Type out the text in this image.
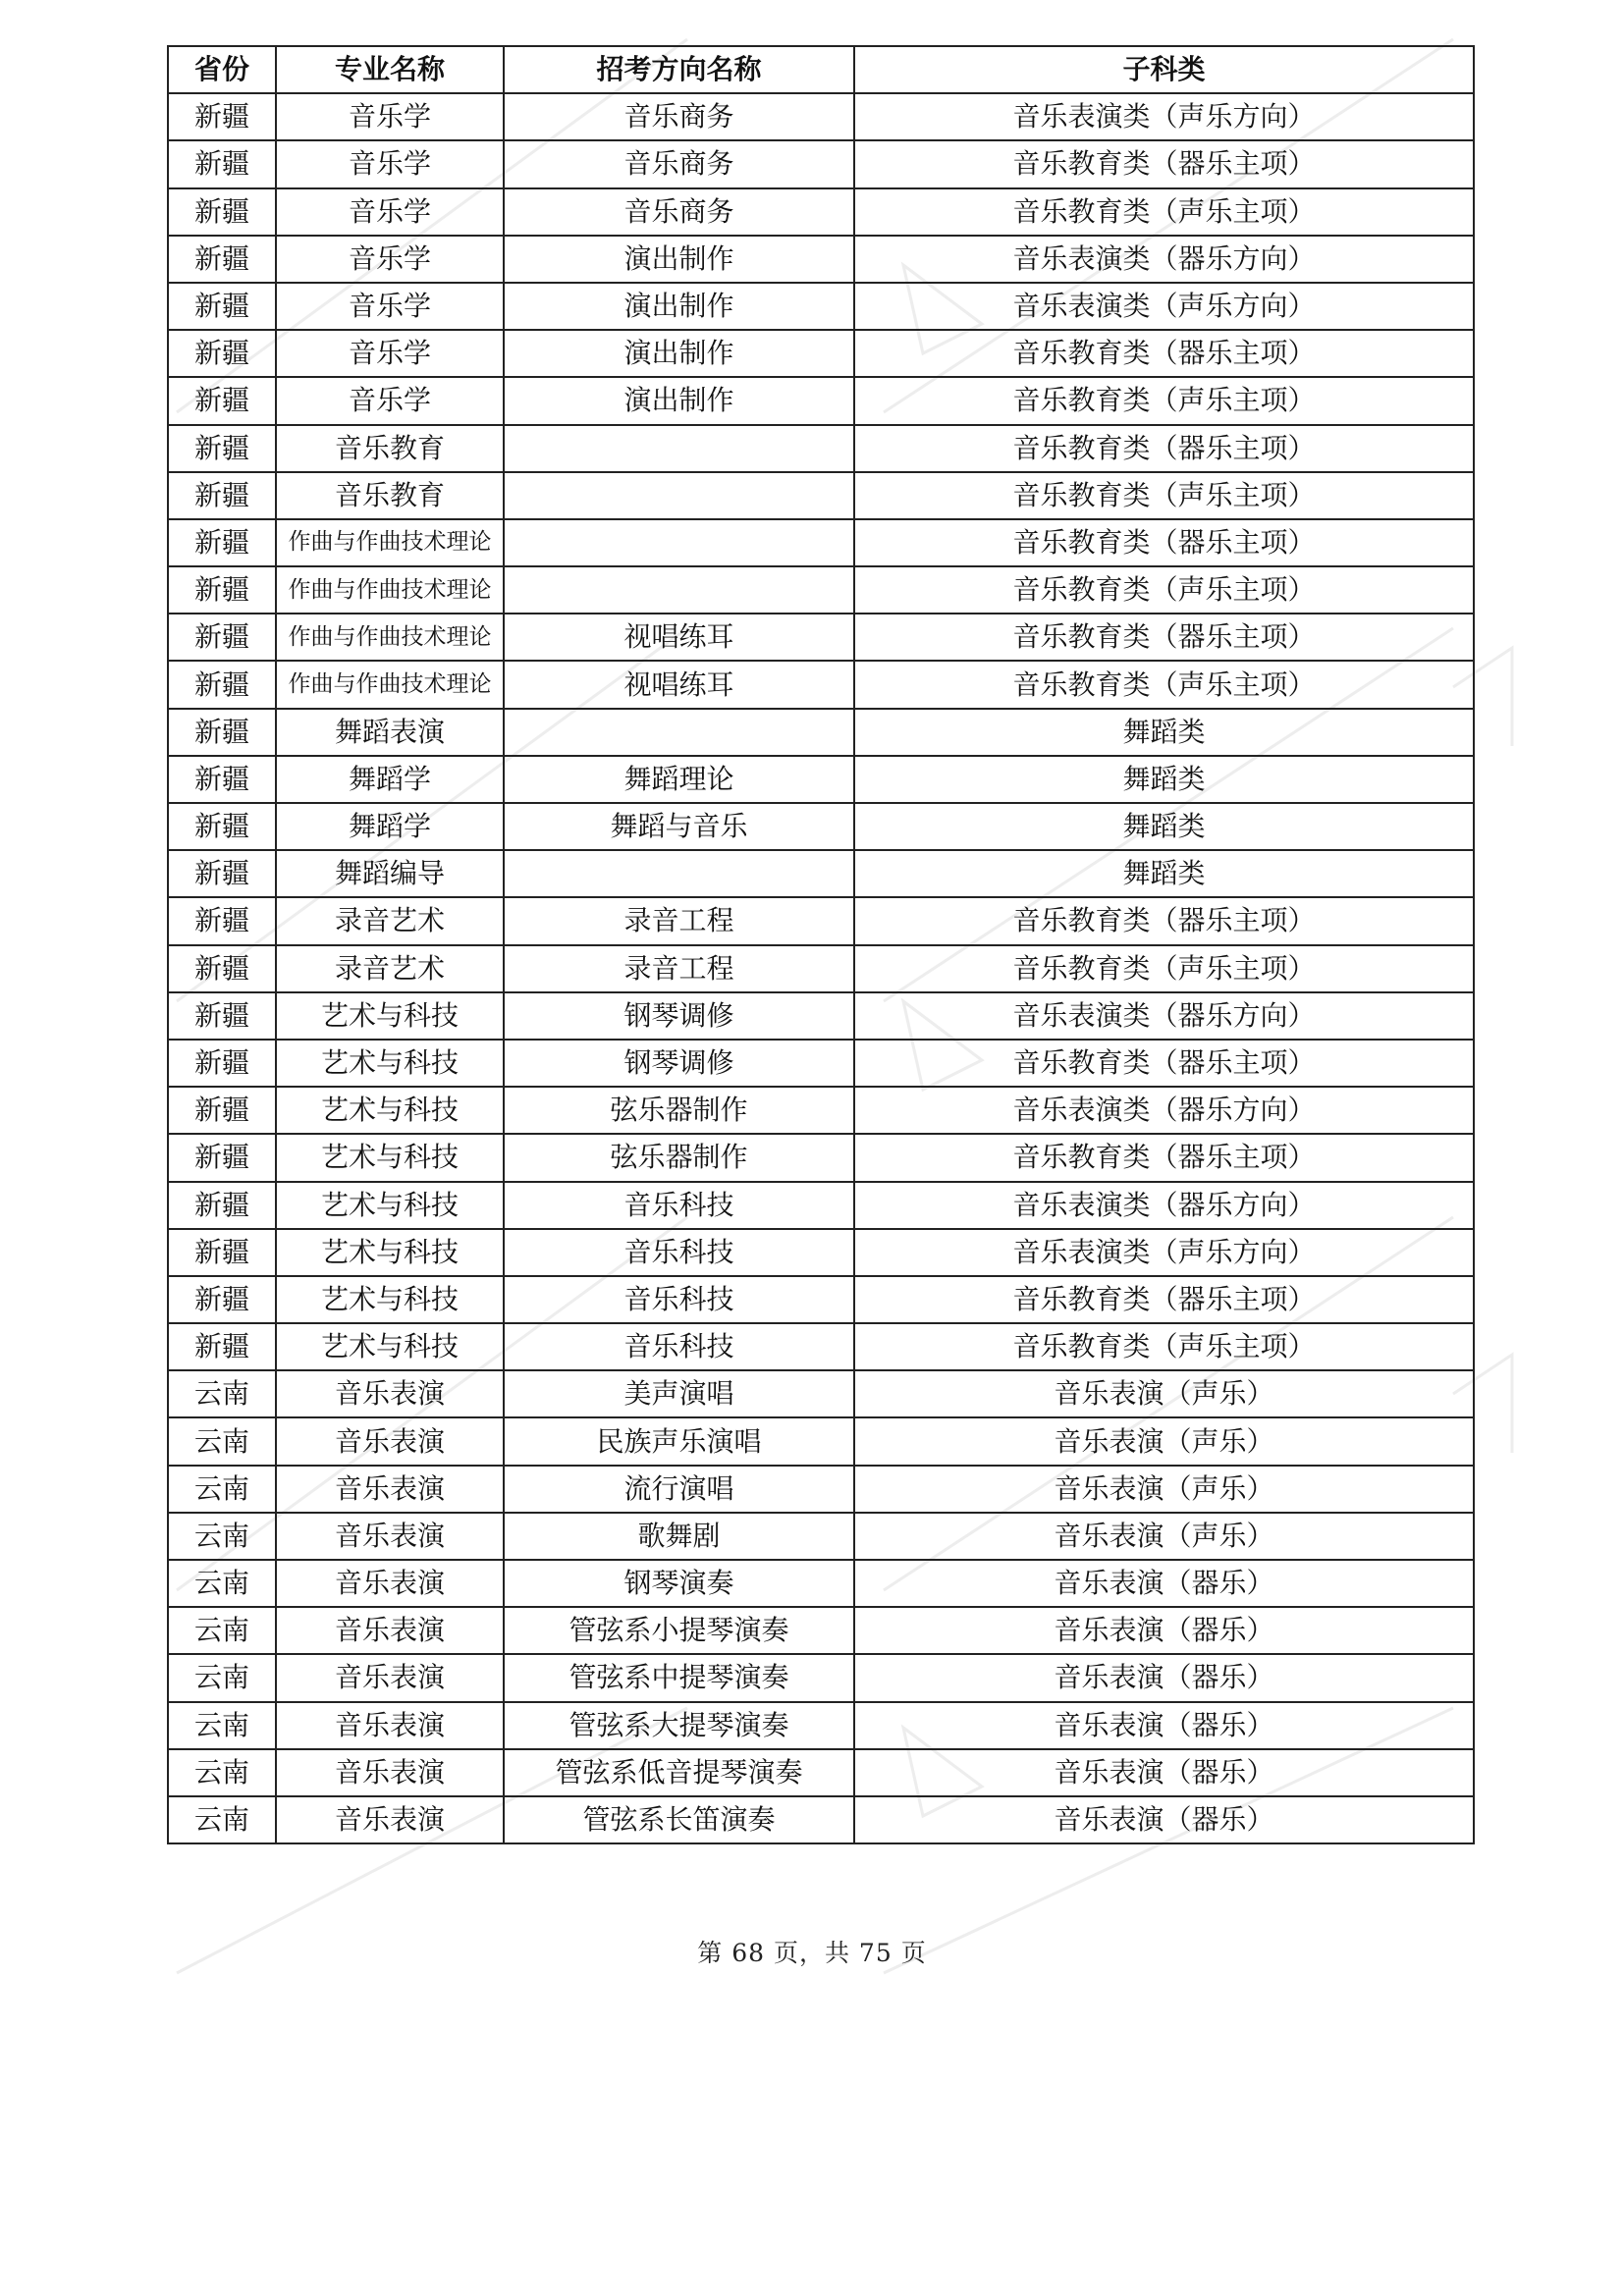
省份	专业名称	招考方向名称	子科类
新疆	音乐学	音乐商务	音乐表演类（声乐方向）
新疆	音乐学	音乐商务	音乐教育类（器乐主项）
新疆	音乐学	音乐商务	音乐教育类（声乐主项）
新疆	音乐学	演出制作	音乐表演类（器乐方向）
新疆	音乐学	演出制作	音乐表演类（声乐方向）
新疆	音乐学	演出制作	音乐教育类（器乐主项）
新疆	音乐学	演出制作	音乐教育类（声乐主项）
新疆	音乐教育		音乐教育类（器乐主项）
新疆	音乐教育		音乐教育类（声乐主项）
新疆	作曲与作曲技术理论		音乐教育类（器乐主项）
新疆	作曲与作曲技术理论		音乐教育类（声乐主项）
新疆	作曲与作曲技术理论	视唱练耳	音乐教育类（器乐主项）
新疆	作曲与作曲技术理论	视唱练耳	音乐教育类（声乐主项）
新疆	舞蹈表演		舞蹈类
新疆	舞蹈学	舞蹈理论	舞蹈类
新疆	舞蹈学	舞蹈与音乐	舞蹈类
新疆	舞蹈编导		舞蹈类
新疆	录音艺术	录音工程	音乐教育类（器乐主项）
新疆	录音艺术	录音工程	音乐教育类（声乐主项）
新疆	艺术与科技	钢琴调修	音乐表演类（器乐方向）
新疆	艺术与科技	钢琴调修	音乐教育类（器乐主项）
新疆	艺术与科技	弦乐器制作	音乐表演类（器乐方向）
新疆	艺术与科技	弦乐器制作	音乐教育类（器乐主项）
新疆	艺术与科技	音乐科技	音乐表演类（器乐方向）
新疆	艺术与科技	音乐科技	音乐表演类（声乐方向）
新疆	艺术与科技	音乐科技	音乐教育类（器乐主项）
新疆	艺术与科技	音乐科技	音乐教育类（声乐主项）
云南	音乐表演	美声演唱	音乐表演（声乐）
云南	音乐表演	民族声乐演唱	音乐表演（声乐）
云南	音乐表演	流行演唱	音乐表演（声乐）
云南	音乐表演	歌舞剧	音乐表演（声乐）
云南	音乐表演	钢琴演奏	音乐表演（器乐）
云南	音乐表演	管弦系小提琴演奏	音乐表演（器乐）
云南	音乐表演	管弦系中提琴演奏	音乐表演（器乐）
云南	音乐表演	管弦系大提琴演奏	音乐表演（器乐）
云南	音乐表演	管弦系低音提琴演奏	音乐表演（器乐）
云南	音乐表演	管弦系长笛演奏	音乐表演（器乐）
第 68 页，共 75 页
